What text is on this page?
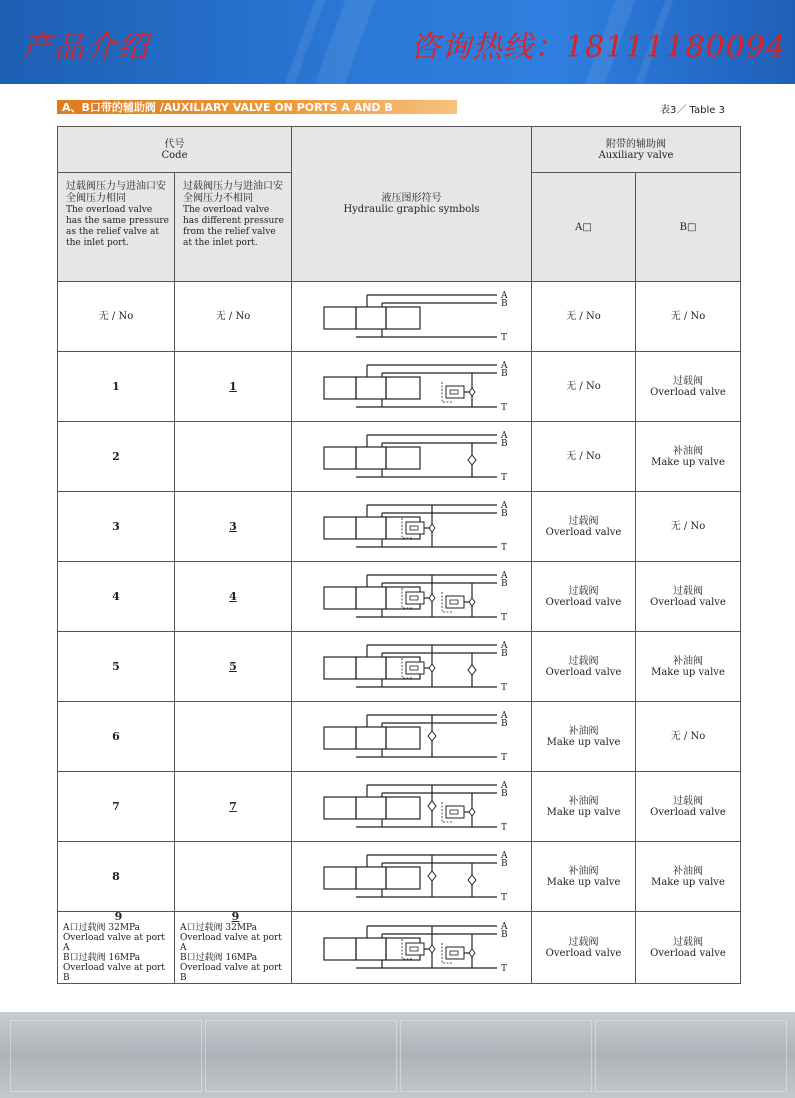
产品介绍	咨询热线：18111180094
A、B口带的辅助阀 /AUXILIARY VALVE ON PORTS A AND B	表3／ Table 3
代号
Code		液压图形符号
Hydraulic graphic symbols	附带的辅助阀
Auxiliary valve	

过载阀压力与进油口安全阀压力相同
The overload valve has the same pressure as the relief valve at the inlet port.	过载阀压力与进油口安全阀压力不相同
The overload valve has different pressure from the relief valve at the inlet port.		A□	B□
无 / No	无 / No	A
B
T	无 / No	无 / No

1	1	A
B
T	无 / No	过载阀
Overload valve

2		A
B
T	无 / No	补油阀
Make up valve

3	3	A
B
T	过载阀
Overload valve	无 / No

4	4	A
B
T	过载阀
Overload valve	过载阀
Overload valve

5	5	A
B
T	过载阀
Overload valve	补油阀
Make up valve

6		A
B
T	补油阀
Make up valve	无 / No

7	7	A
B
T	补油阀
Make up valve	过载阀
Overload valve

8		A
B
T	补油阀
Make up valve	补油阀
Make up valve

9
A口过载阀 32MPa
Overload valve at port A
B口过载阀 16MPa
Overload valve at port B	9
A口过载阀 32MPa
Overload valve at port A
B口过载阀 16MPa
Overload valve at port B	A
B
T	过载阀
Overload valve	过载阀
Overload valve
